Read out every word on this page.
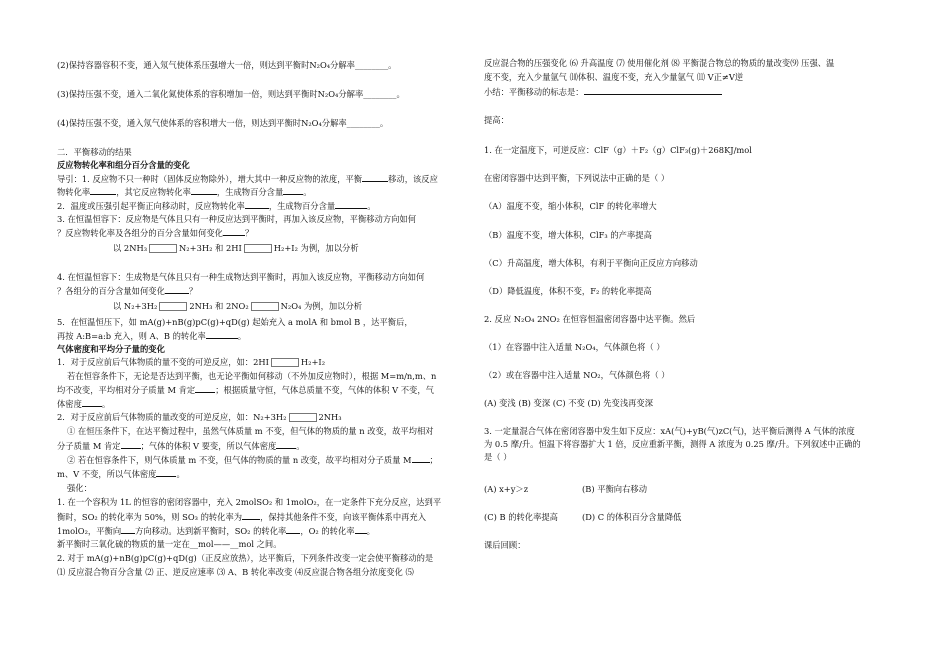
(2)保持容器容积不变，通入氖气使体系压强增大一倍，则达到平衡时N₂O₄分解率________。
(3)保持压强不变，通入二氧化氮使体系的容积增加一倍，则达到平衡时N₂O₄分解率________。
(4)保持压强不变，通入氖气使体系的容积增大一倍，则达到平衡时N₂O₄分解率________。
二．平衡移动的结果
反应物转化率和组分百分含量的变化
导引：1. 反应物不只一种时（固体反应物除外），增大其中一种反应物的浓度，平衡	移动，该反应
物转化率	，其它反应物转化率	，生成物百分含量 。
2．温度或压强引起平衡正向移动时，反应物转化率	，生成物百分含量	。
3. 在恒温恒容下：反应物是气体且只有一种反应达到平衡时，再加入该反应物，平衡移动方向如何
？反应物转化率及各组分的百分含量如何变化	？
以 2NH₃	N₂+3H₂ 和 2HI	H₂+I₂ 为例，加以分析
4. 在恒温恒容下：生成物是气体且只有一种生成物达到平衡时，再加入该反应物，平衡移动方向如何
？各组分的百分含量如何变化	？
以 N₂+3H₂	2NH₃ 和 2NO₂	N₂O₄ 为例，加以分析
5．在恒温恒压下，如 mA(g)+nB(g)pC(g)+qD(g) 起始充入 a molA 和 bmol B ，达平衡后，
再按 A:B=a:b 充入，则 A、B 的转化率	。
气体密度和平均分子量的变化
1．对于反应前后气体物质的量不变的可逆反应，如：2HI	H₂+I₂
若在恒容条件下，无论是否达到平衡，也无论平衡如何移动（不外加反应物时），根据 M=m/n,m、n
均不改变，平均相对分子质量 M 肯定 ；根据质量守恒，气体总质量不变，气体的体积 V 不变，气
体密度 。
2．对于反应前后气体物质的量改变的可逆反应，如：N₂+3H₂	2NH₃
① 在恒压条件下，在达平衡过程中，虽然气体质量 m 不变，但气体的物质的量 n 改变，故平均相对
分子质量 M 肯定 ；气体的体积 V 要变，所以气体密度 。
② 若在恒容条件下，则气体质量 m 不变，但气体的物质的量 n 改变，故平均相对分子质量 M ；
m、V 不变，所以气体密度 。
强化：
1. 在一个容积为 1L 的恒容的密闭容器中，充入 2molSO₂ 和 1molO₂，在一定条件下充分反应，达到平
衡时，SO₂ 的转化率为 50%，则 SO₃ 的转化率为 ，保持其他条件不变，向该平衡体系中再充入
1molO₂，平衡向 方向移动。达到新平衡时，SO₂ 的转化率 ，O₂ 的转化率 。
新平衡时三氧化硫的物质的量一定在__mol——__mol 之间。
2. 对于 mA(g)+nB(g)pC(g)+qD(g)（正反应放热），达平衡后，下列条件改变一定会使平衡移动的是
⑴ 反应混合物百分含量 ⑵ 正、逆反应速率 ⑶ A、B 转化率改变 ⑷反应混合物各组分浓度变化 ⑸
反应混合物的压强变化 ⑹ 升高温度 ⑺ 使用催化剂 ⑻ 平衡混合物总的物质的量改变⑼ 压强、温
度不变，充入少量氩气 ⑽体积、温度不变，充入少量氩气 ⑾ V正≠V逆
小结：平衡移动的标志是：
提高：
1. 在一定温度下，可逆反应：ClF（g）＋F₂（g）ClF₃(g)＋268KJ/mol
在密闭容器中达到平衡，下列说法中正确的是（ ）
（A）温度不变，缩小体积，ClF 的转化率增大
（B）温度不变，增大体积，ClF₃ 的产率提高
（C）升高温度，增大体积，有利于平衡向正反应方向移动
（D）降低温度，体积不变，F₂ 的转化率提高
2. 反应 N₂O₄ 2NO₂ 在恒容恒温密闭容器中达平衡。然后
（1）在容器中注入适量 N₂O₄，气体颜色将（ ）
（2）或在容器中注入适量 NO₂，气体颜色将（ ）
(A) 变浅 (B) 变深 (C) 不变 (D) 先变浅再变深
3. 一定量混合气体在密闭容器中发生如下反应：xA(气)+yB(气)zC(气)，达平衡后测得 A 气体的浓度
为 0.5 摩/升。恒温下将容器扩大 1 倍，反应重新平衡，测得 A 浓度为 0.25 摩/升。下列叙述中正确的
是（ ）
(A) x+y＞z	(B) 平衡向右移动
(C) B 的转化率提高	(D) C 的体积百分含量降低
课后回顾：
